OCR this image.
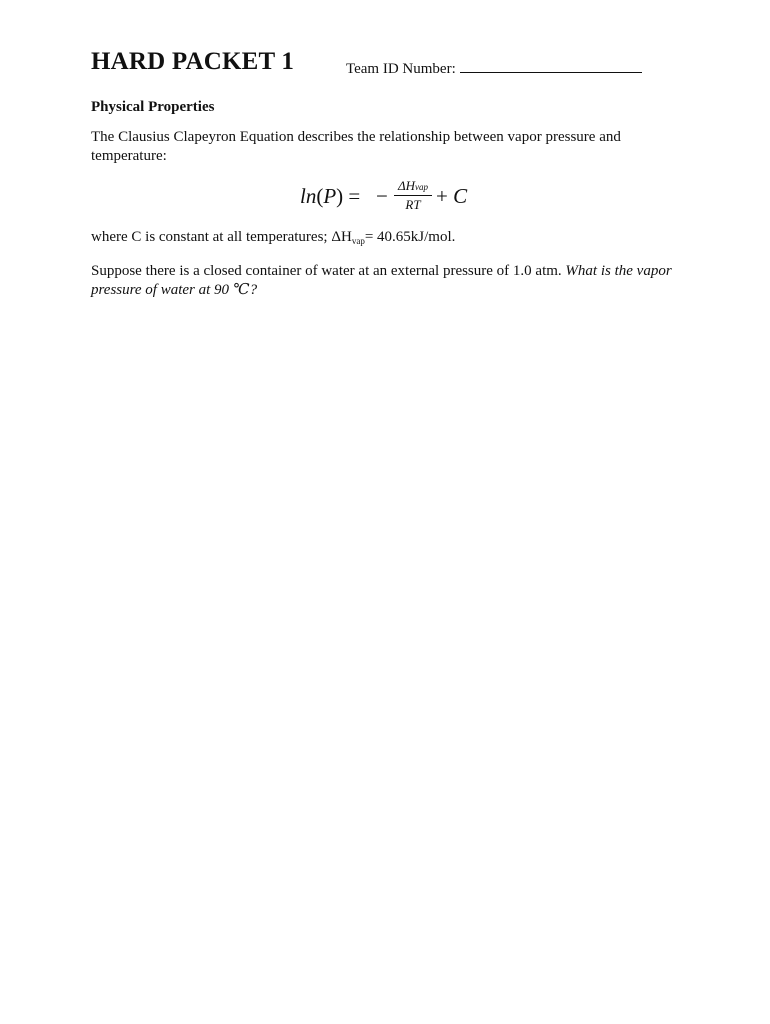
HARD PACKET 1	Team ID Number:
Physical Properties
The Clausius Clapeyron Equation describes the relationship between vapor pressure and temperature:
ln(P) = − ΔHvap
RT + C
where C is constant at all temperatures; $\Delta H_{vap}= 40.65kJ/mol$.
Suppose there is a closed container of water at an external pressure of 1.0 atm. What is the vapor pressure of water at 90 ℃?
